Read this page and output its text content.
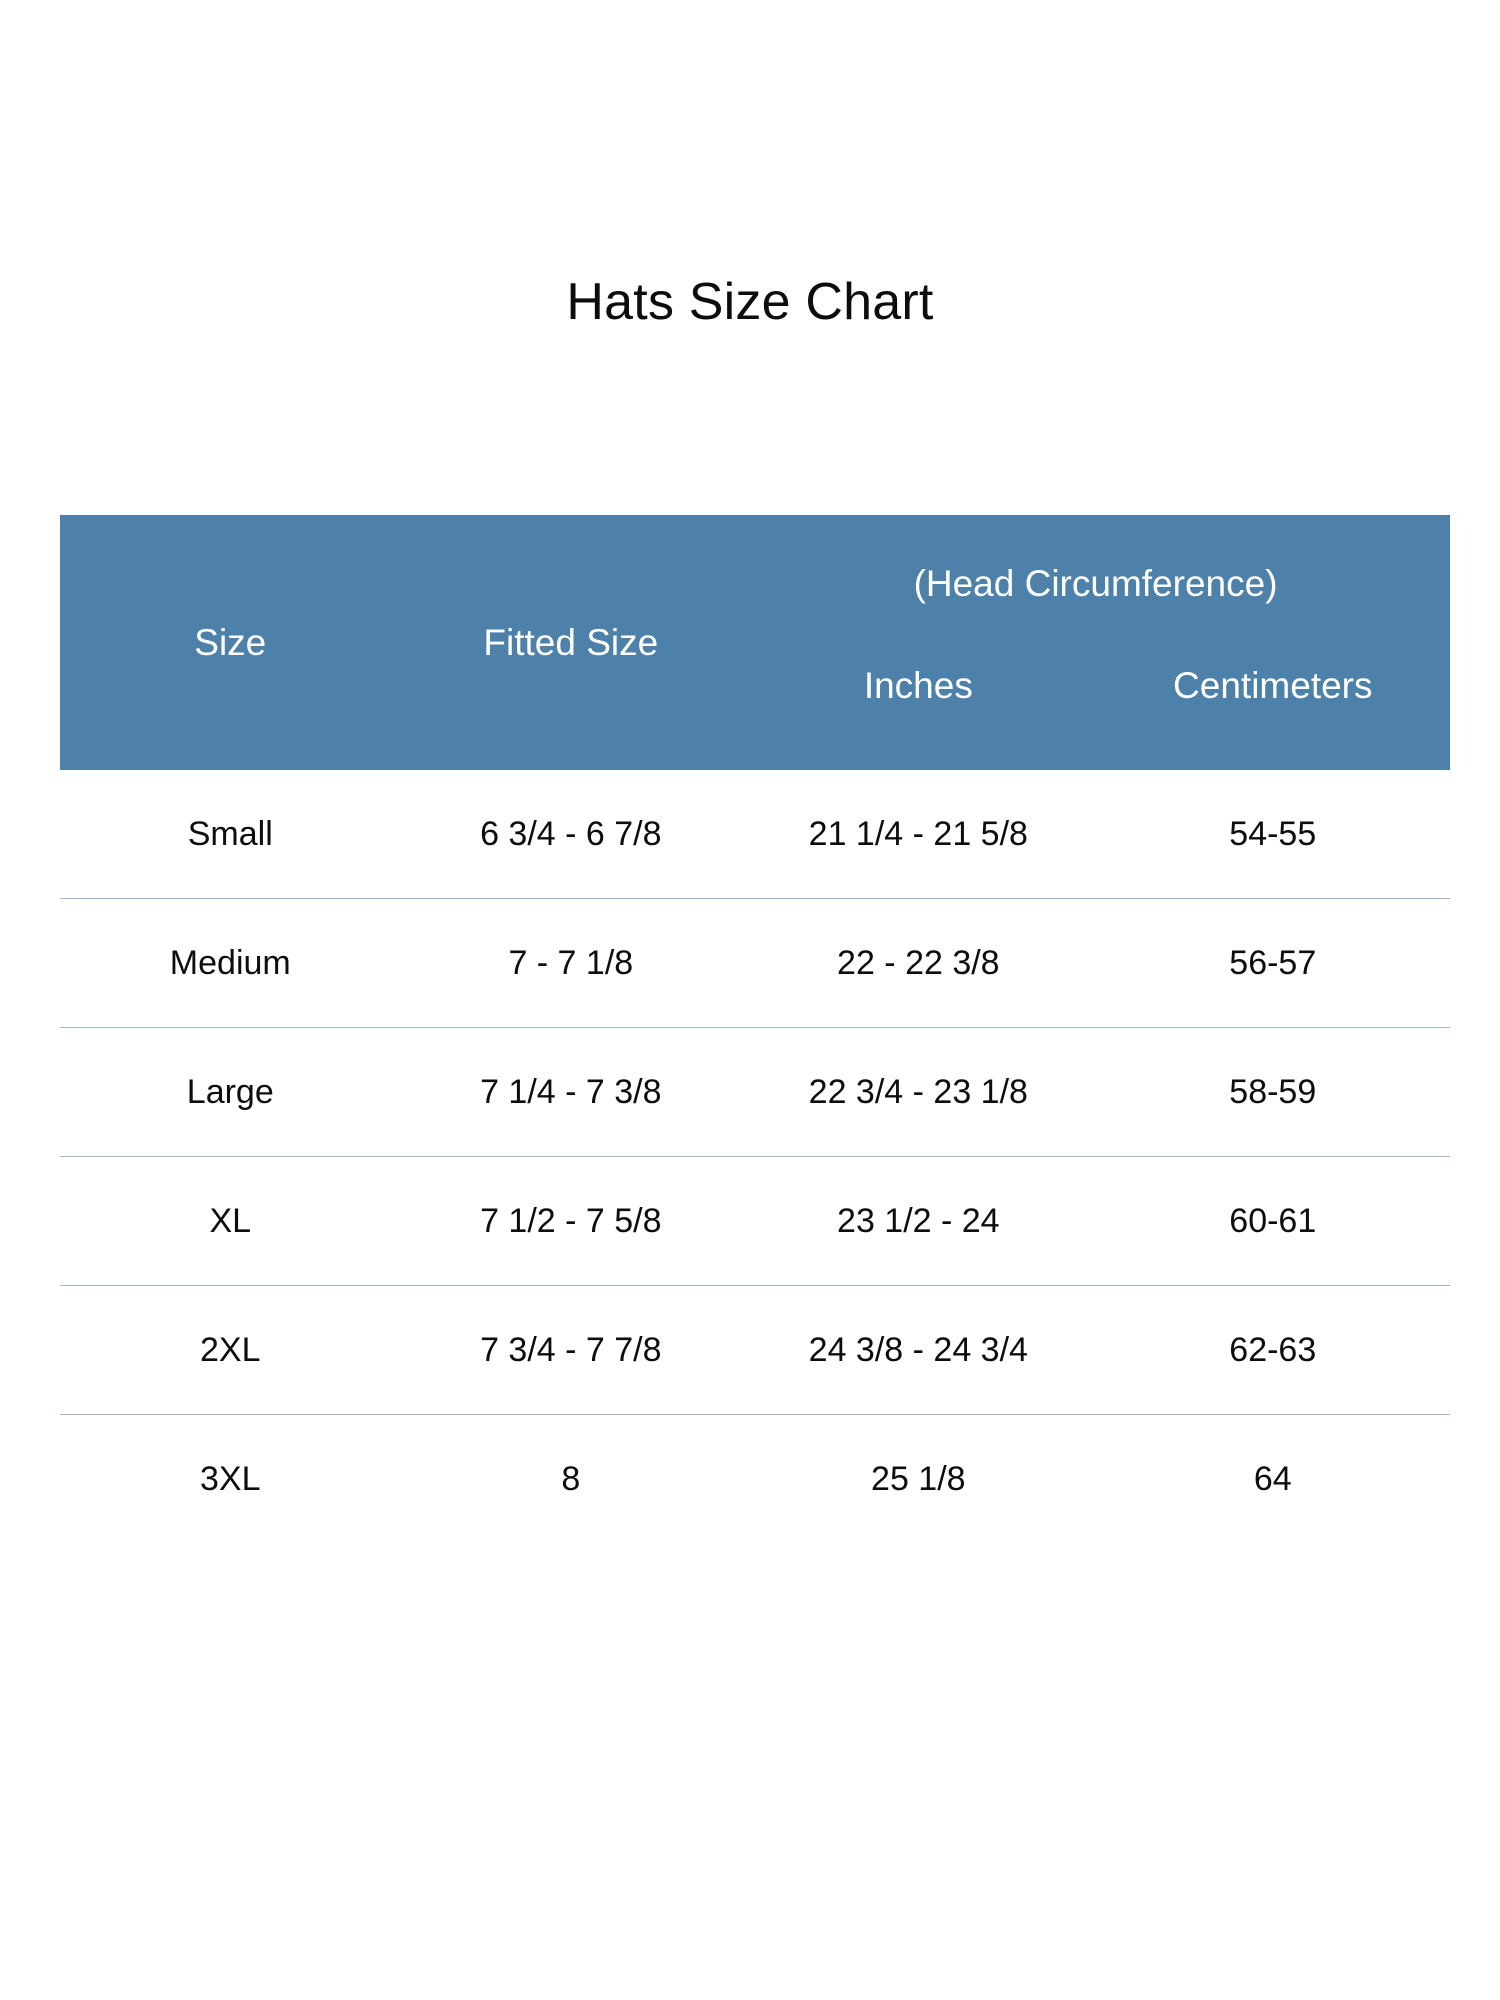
Hats Size Chart
Size	Fitted Size	(Head Circumference)
Inches Centimeters	

Small	6 3/4 - 6 7/8	21 1/4 - 21 5/8	54-55
Medium	7 - 7 1/8	22 - 22 3/8	56-57
Large	7 1/4 - 7 3/8	22 3/4 - 23 1/8	58-59
XL	7 1/2 - 7 5/8	23 1/2 - 24	60-61
2XL	7 3/4 - 7 7/8	24 3/8 - 24 3/4	62-63
3XL	8	25 1/8	64
